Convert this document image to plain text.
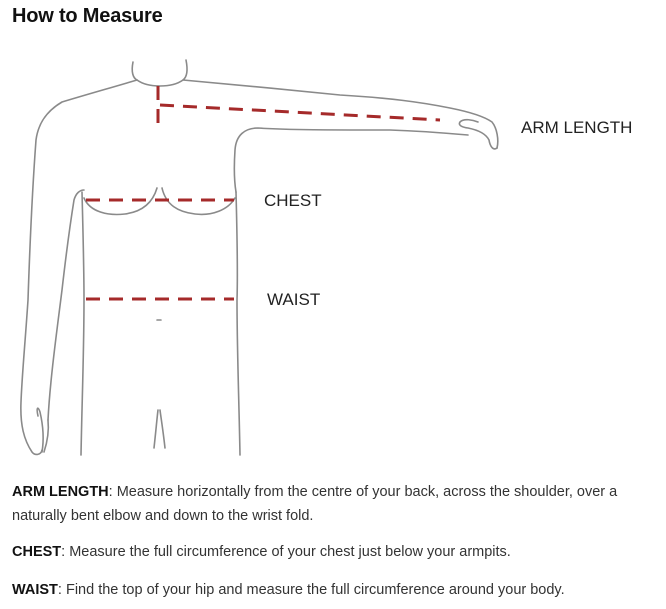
How to Measure
ARM LENGTH
CHEST
WAIST

ARM LENGTH: Measure horizontally from the centre of your back, across the shoulder, over a naturally bent elbow and down to the wrist fold.

CHEST: Measure the full circumference of your chest just below your armpits.

WAIST: Find the top of your hip and measure the full circumference around your body.
